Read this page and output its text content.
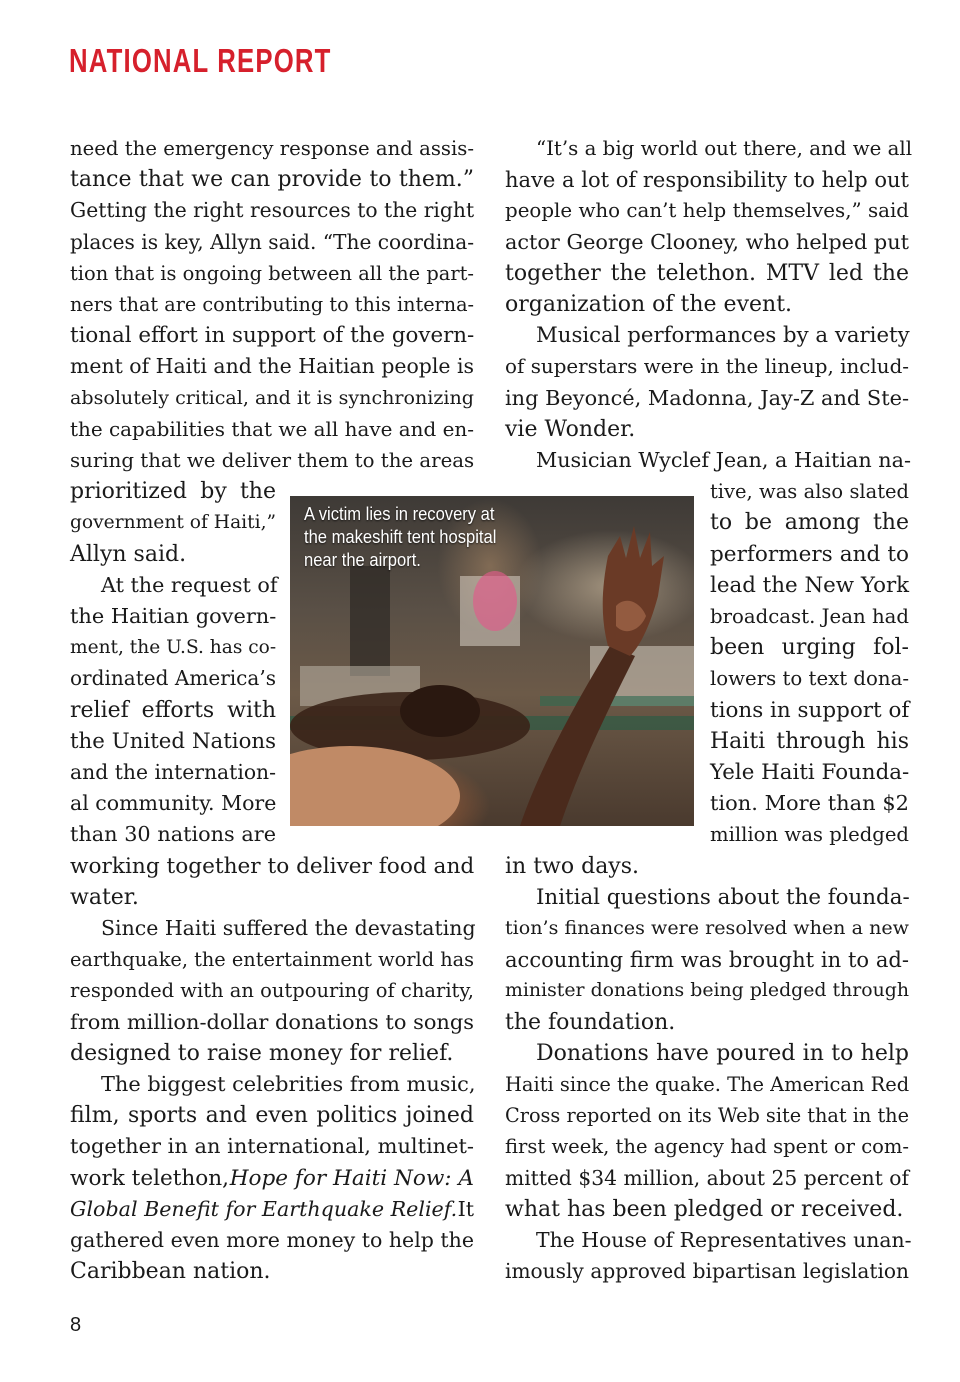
NATIONAL REPORT
need the emergency response and assis-
tance that we can provide to them.”
Getting the right resources to the right
places is key, Allyn said. “The coordina-
tion that is ongoing between all the part-
ners that are contributing to this interna-
tional effort in support of the govern-
ment of Haiti and the Haitian people is
absolutely critical, and it is synchronizing
the capabilities that we all have and en-
suring that we deliver them to the areas
prioritized by the
government of Haiti,”
Allyn said.
At the request of
the Haitian govern-
ment, the U.S. has co-
ordinated America’s
relief efforts with
the United Nations
and the internation-
al community. More
than 30 nations are
working together to deliver food and
water.
Since Haiti suffered the devastating
earthquake, the entertainment world has
responded with an outpouring of charity,
from million-dollar donations to songs
designed to raise money for relief.
The biggest celebrities from music,
film, sports and even politics joined
together in an international, multinet-
work telethon, Hope for Haiti Now: A
Global Benefit for Earthquake Relief. It
gathered even more money to help the
Caribbean nation.
“It’s a big world out there, and we all
have a lot of responsibility to help out
people who can’t help themselves,” said
actor George Clooney, who helped put
together the telethon. MTV led the
organization of the event.
Musical performances by a variety
of superstars were in the lineup, includ-
ing Beyoncé, Madonna, Jay-Z and Ste-
vie Wonder.
Musician Wyclef Jean, a Haitian na-
tive, was also slated
to be among the
performers and to
lead the New York
broadcast. Jean had
been urging fol-
lowers to text dona-
tions in support of
Haiti through his
Yele Haiti Founda-
tion. More than $2
million was pledged
in two days.
Initial questions about the founda-
tion’s finances were resolved when a new
accounting firm was brought in to ad-
minister donations being pledged through
the foundation.
Donations have poured in to help
Haiti since the quake. The American Red
Cross reported on its Web site that in the
first week, the agency had spent or com-
mitted $34 million, about 25 percent of
what has been pledged or received.
The House of Representatives unan-
imously approved bipartisan legislation
A victim lies in recovery at
the makeshift tent hospital
near the airport.
8
